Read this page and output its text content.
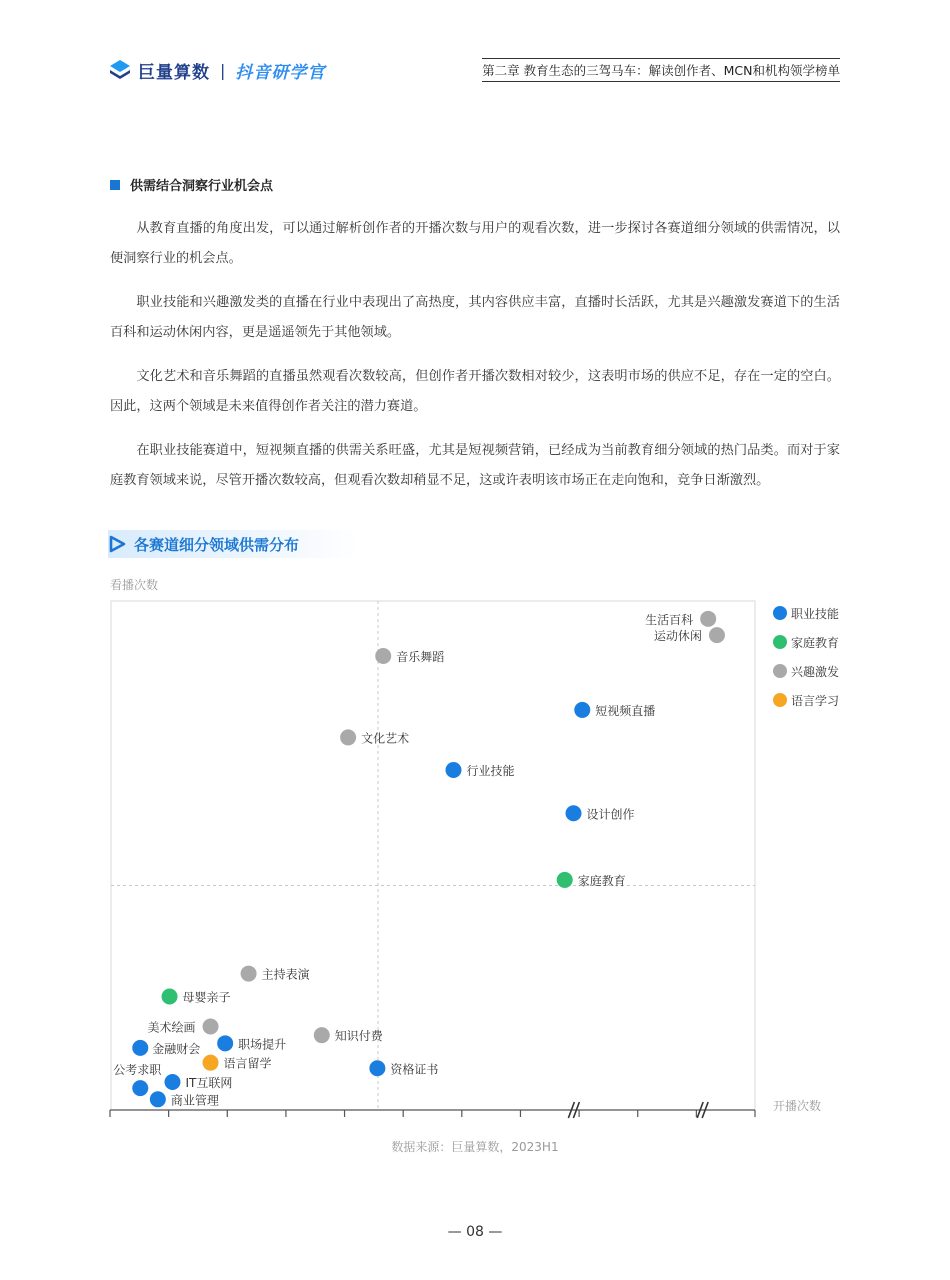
巨量算数 | 抖音研学官	第二章 教育生态的三驾马车：解读创作者、MCN和机构领学榜单
供需结合洞察行业机会点

从教育直播的角度出发，可以通过解析创作者的开播次数与用户的观看次数，进一步探讨各赛道细分领域的供需情况，以便洞察行业的机会点。

职业技能和兴趣激发类的直播在行业中表现出了高热度，其内容供应丰富，直播时长活跃，尤其是兴趣激发赛道下的生活百科和运动休闲内容，更是遥遥领先于其他领域。

文化艺术和音乐舞蹈的直播虽然观看次数较高，但创作者开播次数相对较少，这表明市场的供应不足，存在一定的空白。因此，这两个领域是未来值得创作者关注的潜力赛道。

在职业技能赛道中，短视频直播的供需关系旺盛，尤其是短视频营销，已经成为当前教育细分领域的热门品类。而对于家庭教育领域来说，尽管开播次数较高，但观看次数却稍显不足，这或许表明该市场正在走向饱和，竞争日渐激烈。

各赛道细分领域供需分布
看播次数
开播次数
生活百科
运动休闲
音乐舞蹈
短视频直播
文化艺术
行业技能
设计创作
家庭教育
主持表演
母婴亲子
美术绘画
知识付费
职场提升
金融财会
语言留学	资格证书
公考求职
IT互联网
商业管理
职业技能
家庭教育
兴趣激发
语言学习
数据来源：巨量算数，2023H1
— 08 —
